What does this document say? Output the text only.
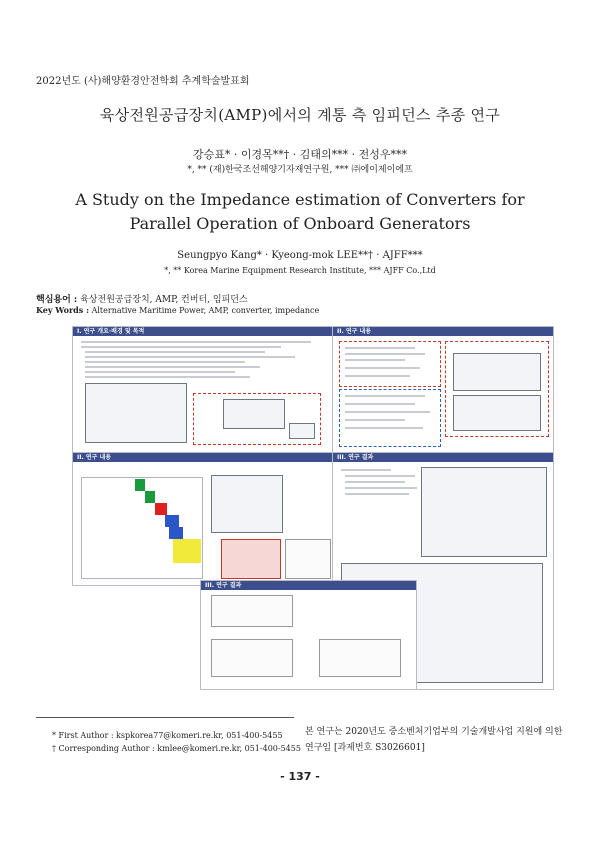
2022년도 (사)해양환경안전학회 추계학술발표회
육상전원공급장치(AMP)에서의 계통 측 임피던스 추종 연구
강승표* · 이경목**† · 김태의*** · 전성우***
*, ** (재)한국조선해양기자재연구원, *** ㈜에이제이에프
A Study on the Impedance estimation of Converters for Parallel Operation of Onboard Generators
Seungpyo Kang* · Kyeong-mok LEE**† · AJFF***
*, ** Korea Marine Equipment Research Institute, *** AJFF Co.,Ltd
핵심용어 : 육상전원공급장치, AMP, 컨버터, 임피던스
Key Words : Alternative Maritime Power, AMP, converter, impedance
I. 연구 개요·배경 및 목적
II. 연구 내용
II. 연구 내용
III. 연구 결과
III. 연구 결과
* First Author : kspkorea77@komeri.re.kr, 051-400-5455
† Corresponding Author : kmlee@komeri.re.kr, 051-400-5455
본 연구는 2020년도 중소벤처기업부의 기술개발사업 지원에 의한 연구임 [과제번호 S3026601]
- 137 -
